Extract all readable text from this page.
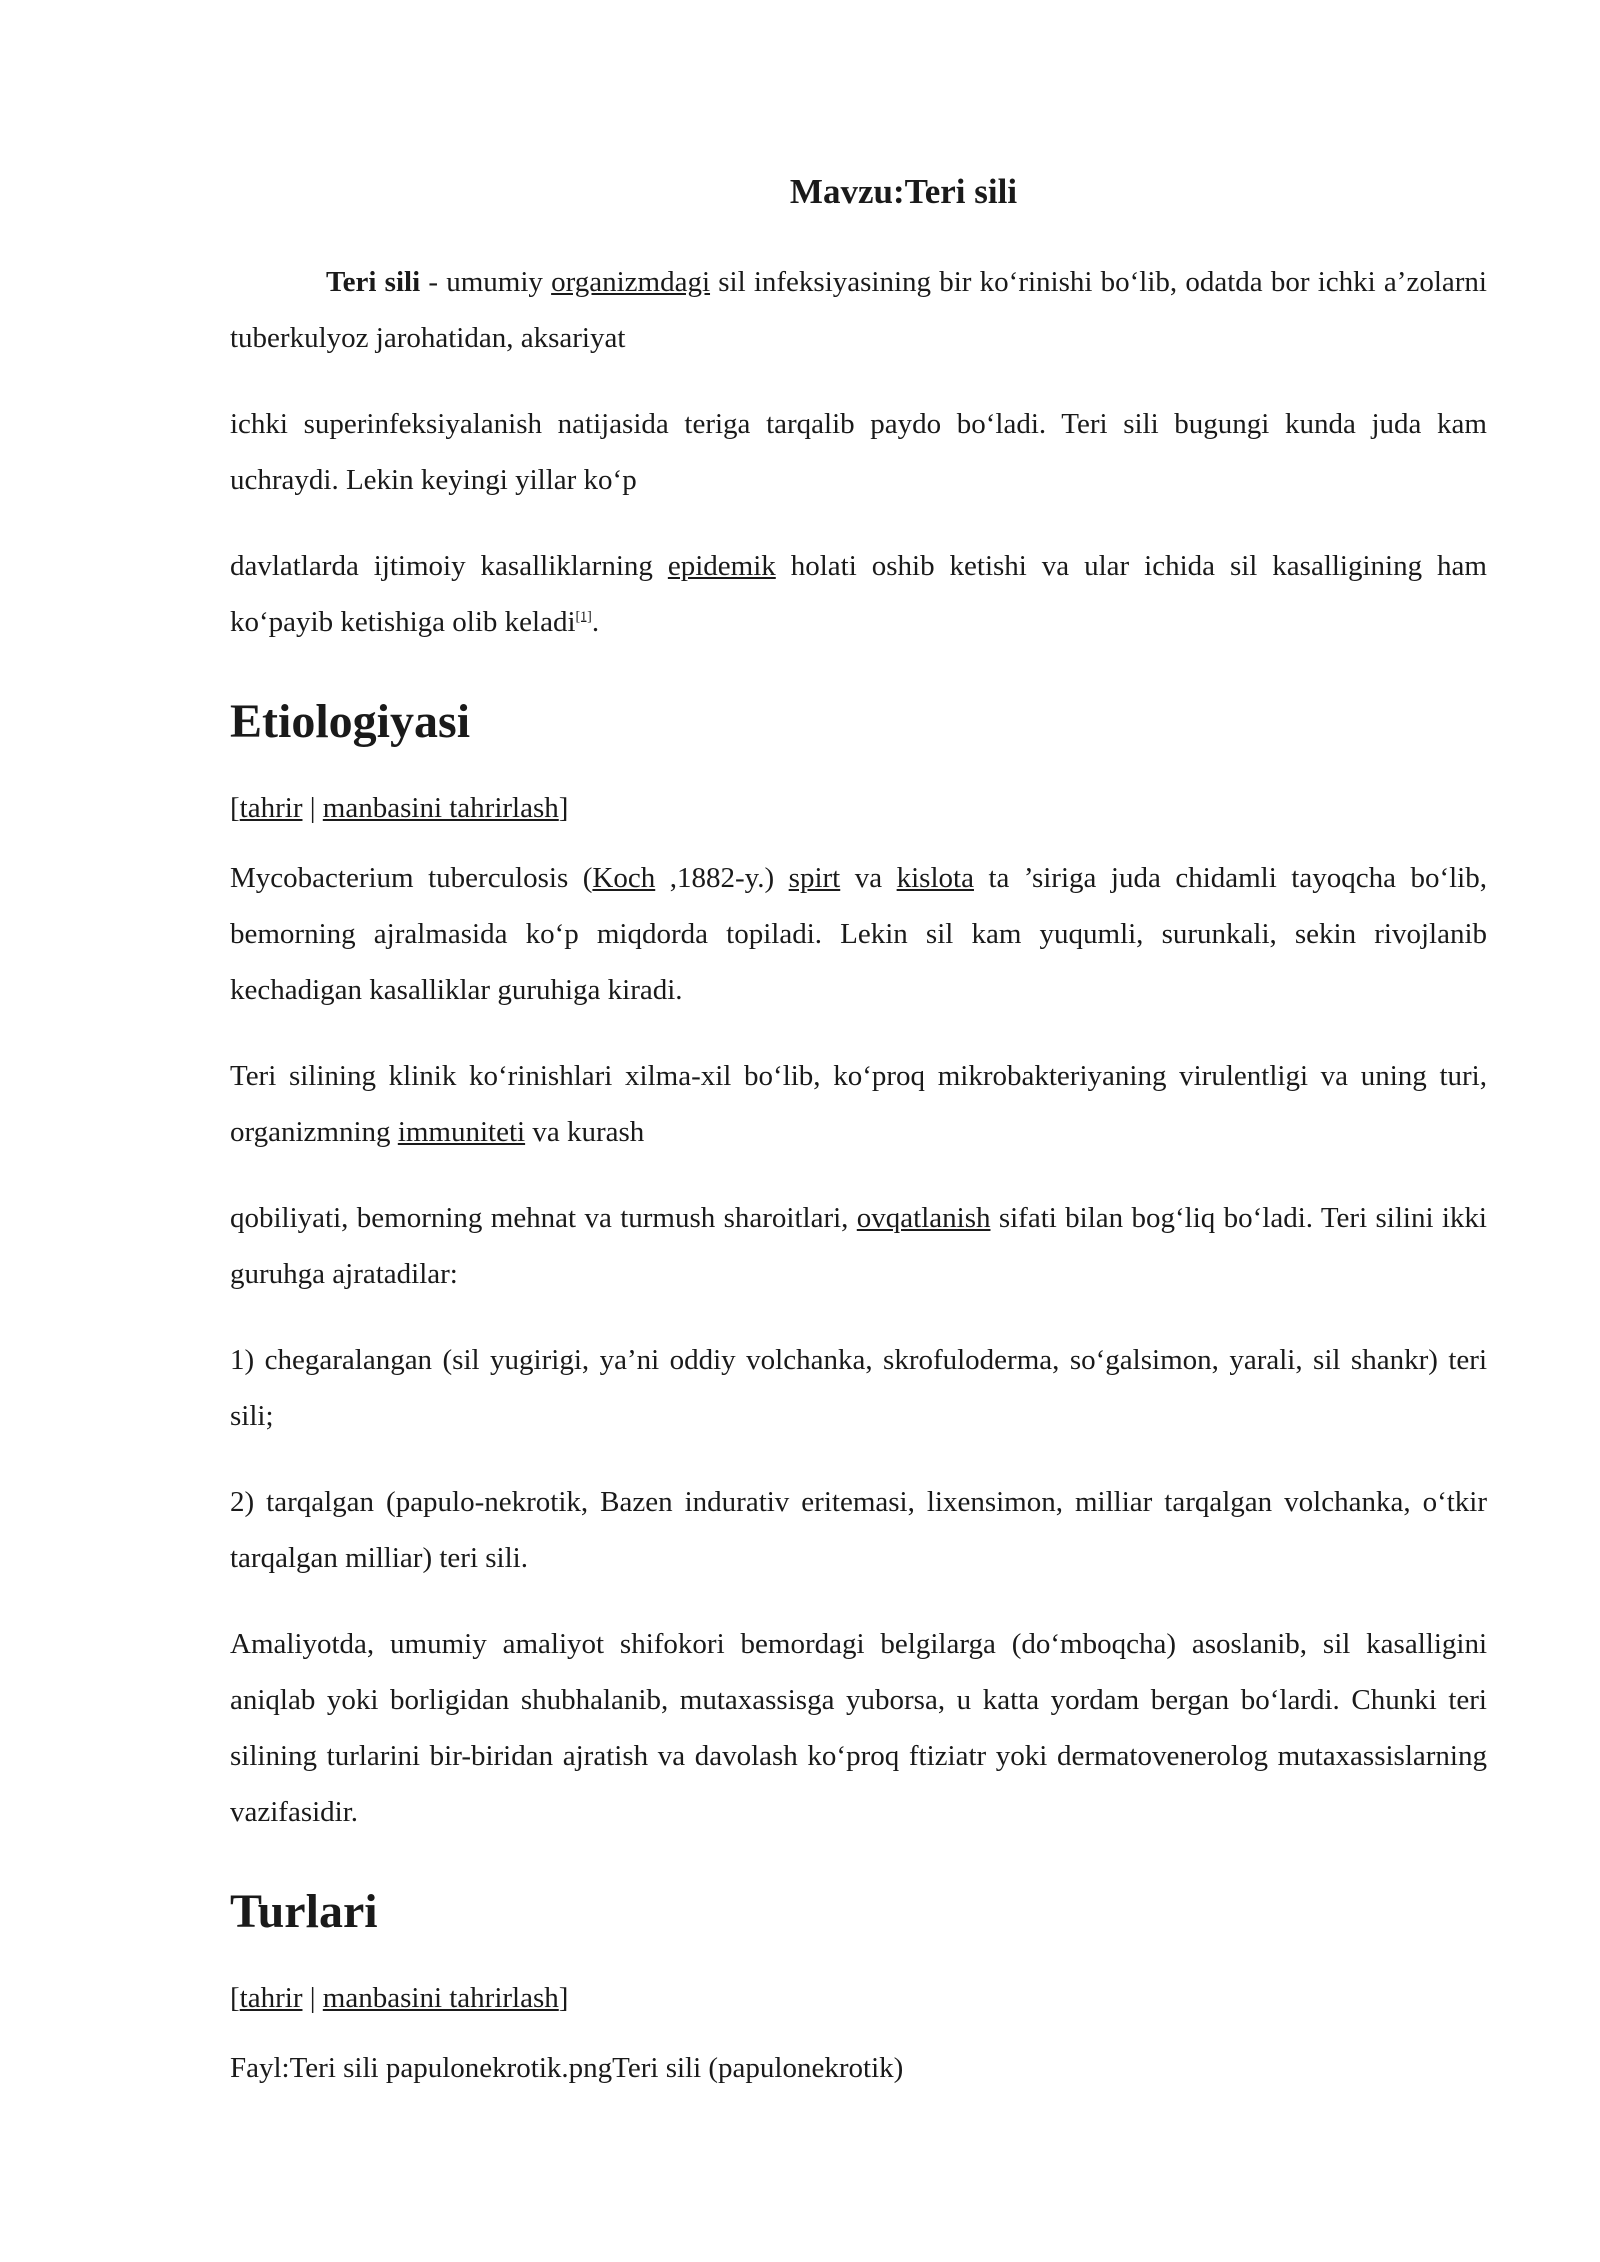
Mavzu:Teri sili

Teri sili - umumiy organizmdagi sil infeksiyasining bir ko‘rinishi bo‘lib, odatda bor ichki a’zolarni tuberkulyoz jarohatidan, aksariyat

ichki superinfeksiyalanish natijasida teriga tarqalib paydo bo‘ladi. Teri sili bugungi kunda juda kam uchraydi. Lekin keyingi yillar ko‘p

davlatlarda ijtimoiy kasalliklarning epidemik holati oshib ketishi va ular ichida sil kasalligining ham ko‘payib ketishiga olib keladi[1].

Etiologiyasi

[tahrir | manbasini tahrirlash]

Mycobacterium tuberculosis (Koch ,1882-y.) spirt va kislota ta ’siriga juda chidamli tayoqcha bo‘lib, bemorning ajralmasida ko‘p miqdorda topiladi. Lekin sil kam yuqumli, surunkali, sekin rivojlanib kechadigan kasalliklar guruhiga kiradi.

Teri silining klinik ko‘rinishlari xilma-xil bo‘lib, ko‘proq mikrobakteriyaning virulentligi va uning turi, organizmning immuniteti va kurash

qobiliyati, bemorning mehnat va turmush sharoitlari, ovqatlanish sifati bilan bog‘liq bo‘ladi. Teri silini ikki guruhga ajratadilar:

1) chegaralangan (sil yugirigi, ya’ni oddiy volchanka, skrofuloderma, so‘galsimon, yarali, sil shankr) teri sili;

2) tarqalgan (papulo-nekrotik, Bazen indurativ eritemasi, lixensimon, milliar tarqalgan volchanka, o‘tkir tarqalgan milliar) teri sili.

Amaliyotda, umumiy amaliyot shifokori bemordagi belgilarga (do‘mboqcha) asoslanib, sil kasalligini aniqlab yoki borligidan shubhalanib, mutaxassisga yuborsa, u katta yordam bergan bo‘lardi. Chunki teri silining turlarini bir-biridan ajratish va davolash ko‘proq ftiziatr yoki dermatovenerolog mutaxassislarning vazifasidir.

Turlari

[tahrir | manbasini tahrirlash]

Fayl:Teri sili papulonekrotik.pngTeri sili (papulonekrotik)
